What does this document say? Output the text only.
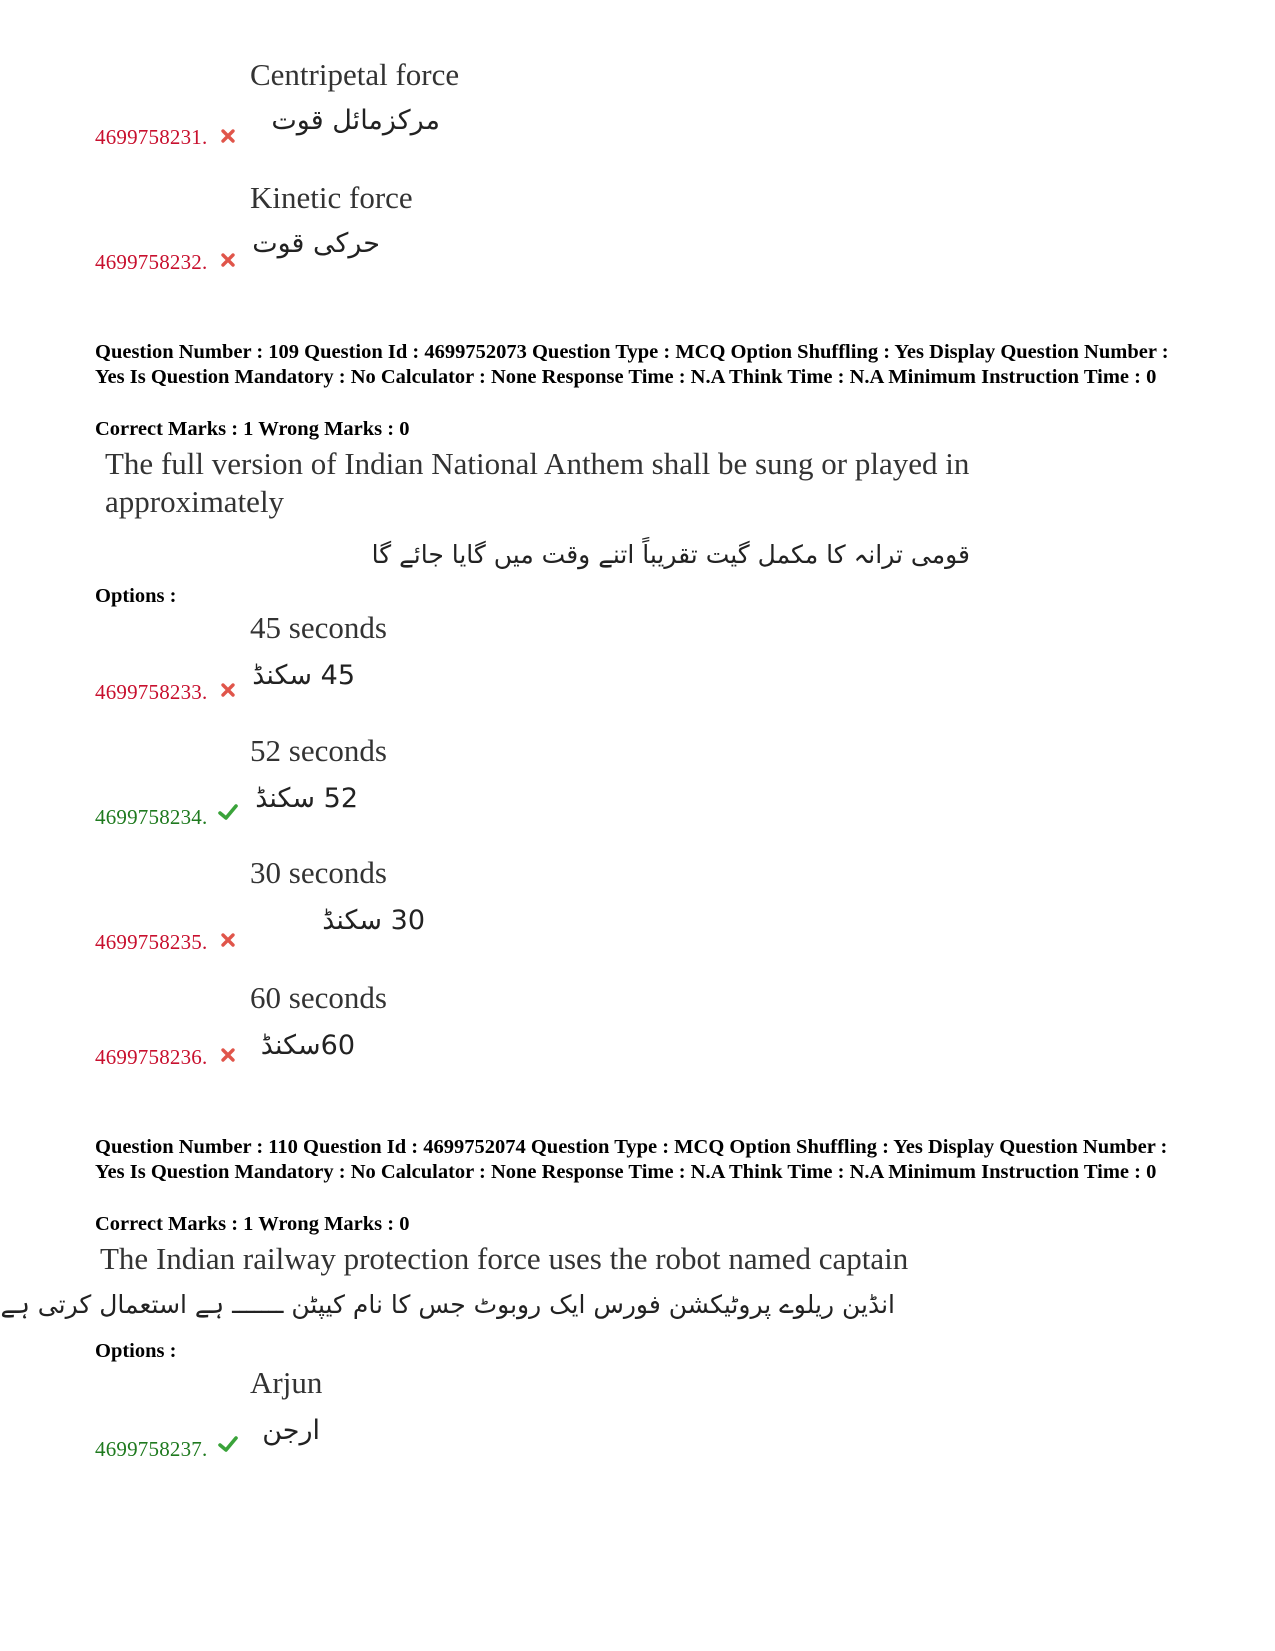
Centripetal force
مرکزمائل قوت
4699758231.
Kinetic force
حرکی قوت
4699758232.
Question Number : 109 Question Id : 4699752073 Question Type : MCQ Option Shuffling : Yes Display Question Number : Yes Is Question Mandatory : No Calculator : None Response Time : N.A Think Time : N.A Minimum Instruction Time : 0
Correct Marks : 1 Wrong Marks : 0
The full version of Indian National Anthem shall be sung or played in approximately
قومی ترانہ کا مکمل گیت تقریباً اتنے وقت میں گایا جائے گا
Options :
45 seconds
45 سکنڈ
4699758233.
52 seconds
52 سکنڈ
4699758234.
30 seconds
30 سکنڈ
4699758235.
60 seconds
60سکنڈ
4699758236.
Question Number : 110 Question Id : 4699752074 Question Type : MCQ Option Shuffling : Yes Display Question Number : Yes Is Question Mandatory : No Calculator : None Response Time : N.A Think Time : N.A Minimum Instruction Time : 0
Correct Marks : 1 Wrong Marks : 0
The Indian railway protection force uses the robot named captain
انڈین ریلوے پروٹیکشن فورس ایک روبوٹ جس کا نام کیپٹن ـــــــ ہے استعمال کرتی ہے
Options :
Arjun
ارجن
4699758237.
